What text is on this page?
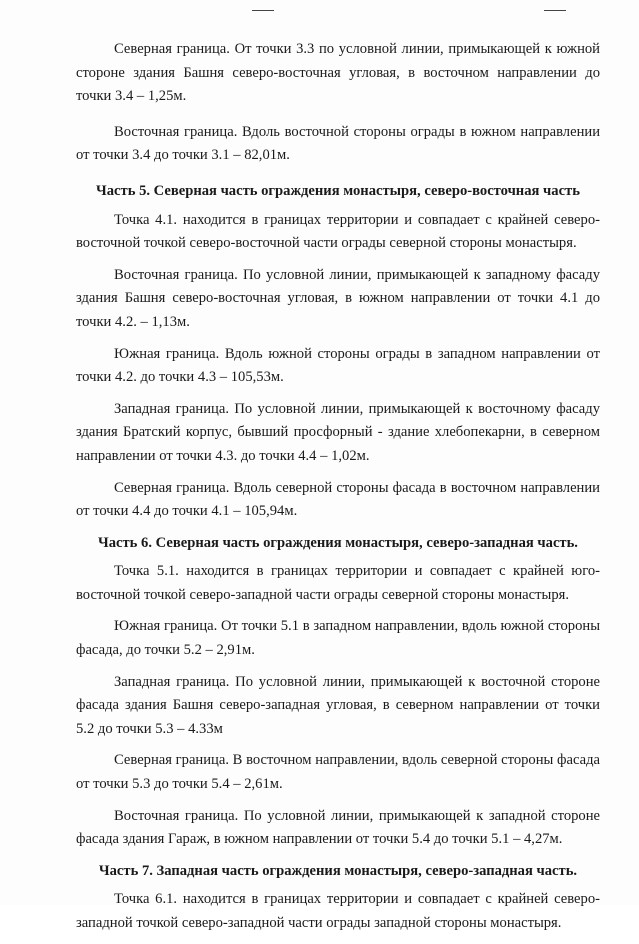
Северная граница. От точки 3.3 по условной линии, примыкающей к южной стороне здания Башня северо-восточная угловая, в восточном направлении до точки 3.4 – 1,25м.

Восточная граница. Вдоль восточной стороны ограды в южном направлении от точки 3.4 до точки 3.1 – 82,01м.

Часть 5. Северная часть ограждения монастыря, северо-восточная часть

Точка 4.1. находится в границах территории и совпадает с крайней северо-восточной точкой северо-восточной части ограды северной стороны монастыря.

Восточная граница. По условной линии, примыкающей к западному фасаду здания Башня северо-восточная угловая, в южном направлении от точки 4.1 до точки 4.2. – 1,13м.

Южная граница. Вдоль южной стороны ограды в западном направлении от точки 4.2. до точки 4.3 – 105,53м.

Западная граница. По условной линии, примыкающей к восточному фасаду здания Братский корпус, бывший просфорный - здание хлебопекарни, в северном направлении от точки 4.3. до точки 4.4 – 1,02м.

Северная граница. Вдоль северной стороны фасада в восточном направлении от точки 4.4 до точки 4.1 – 105,94м.

Часть 6. Северная часть ограждения монастыря, северо-западная часть.

Точка 5.1. находится в границах территории и совпадает с крайней юго-восточной точкой северо-западной части ограды северной стороны монастыря.

Южная граница. От точки 5.1 в западном направлении, вдоль южной стороны фасада, до точки 5.2 – 2,91м.

Западная граница. По условной линии, примыкающей к восточной стороне фасада здания Башня северо-западная угловая, в северном направлении от точки 5.2 до точки 5.3 – 4.33м

Северная граница. В восточном направлении, вдоль северной стороны фасада от точки 5.3 до точки 5.4 – 2,61м.

Восточная граница. По условной линии, примыкающей к западной стороне фасада здания Гараж, в южном направлении от точки 5.4 до точки 5.1 – 4,27м.

Часть 7. Западная часть ограждения монастыря, северо-западная часть.

Точка 6.1. находится в границах территории и совпадает с крайней северо-западной точкой северо-западной части ограды западной стороны монастыря.
